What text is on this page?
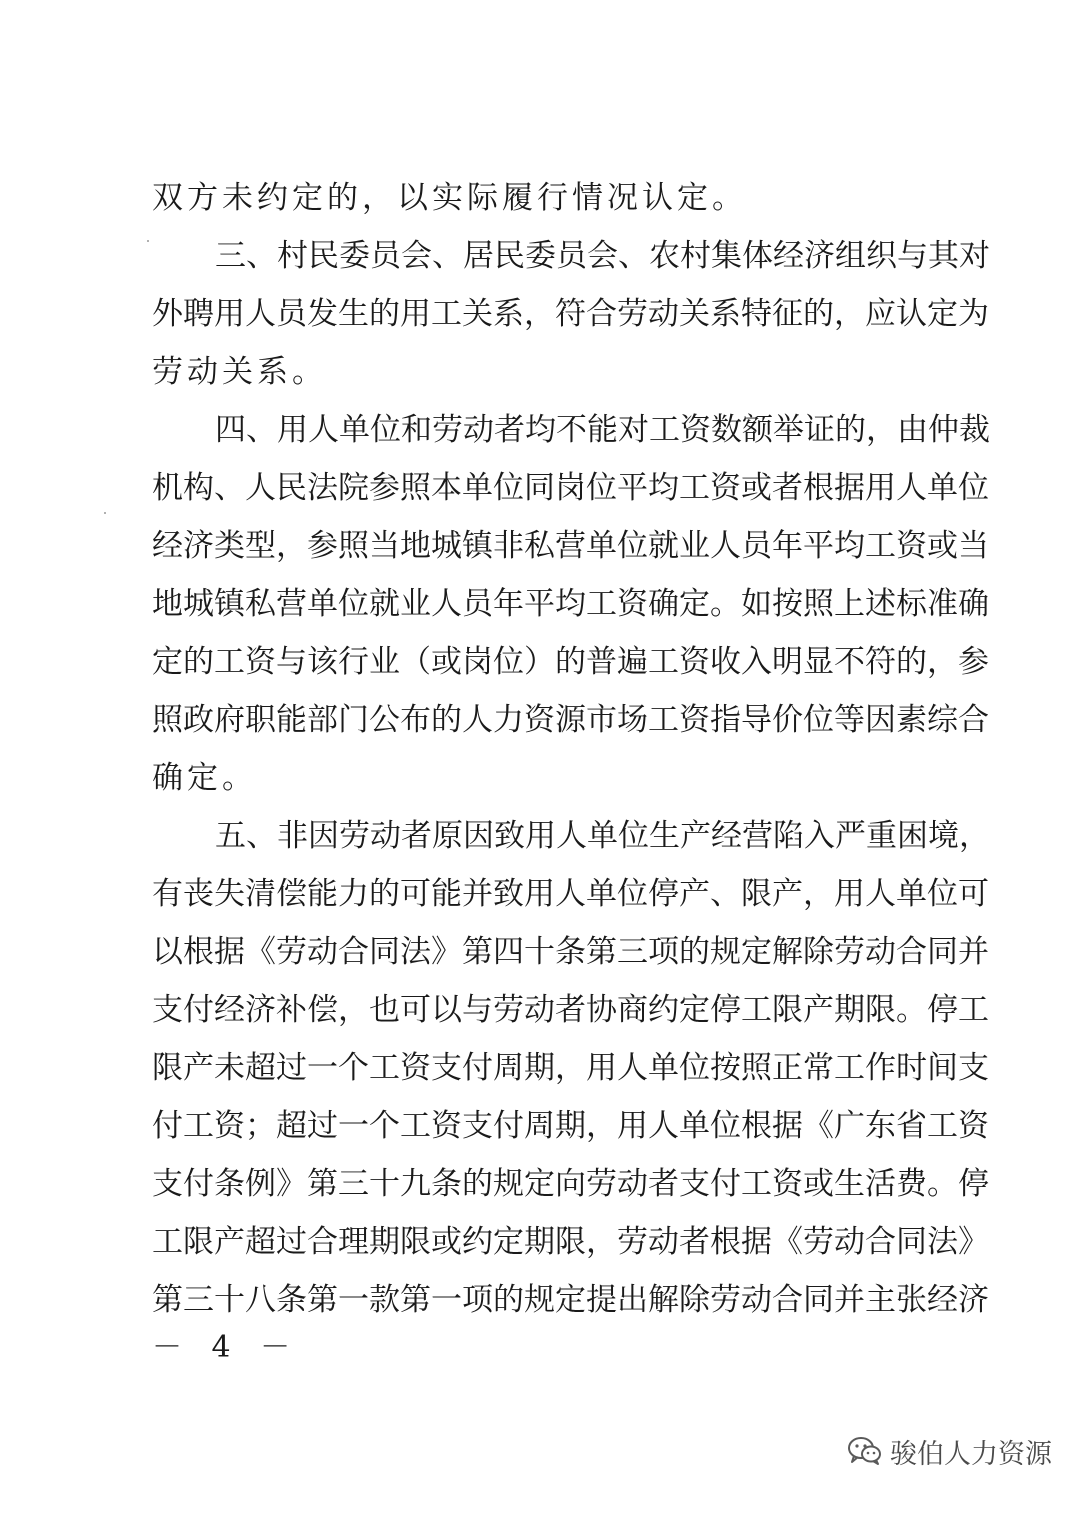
双方未约定的，以实际履行情况认定。
三、村民委员会、居民委员会、农村集体经济组织与其对
外聘用人员发生的用工关系，符合劳动关系特征的，应认定为
劳动关系。
四、用人单位和劳动者均不能对工资数额举证的，由仲裁
机构、人民法院参照本单位同岗位平均工资或者根据用人单位
经济类型，参照当地城镇非私营单位就业人员年平均工资或当
地城镇私营单位就业人员年平均工资确定。如按照上述标准确
定的工资与该行业（或岗位）的普遍工资收入明显不符的，参
照政府职能部门公布的人力资源市场工资指导价位等因素综合
确定。
五、非因劳动者原因致用人单位生产经营陷入严重困境，
有丧失清偿能力的可能并致用人单位停产、限产，用人单位可
以根据《劳动合同法》第四十条第三项的规定解除劳动合同并
支付经济补偿，也可以与劳动者协商约定停工限产期限。停工
限产未超过一个工资支付周期，用人单位按照正常工作时间支
付工资；超过一个工资支付周期，用人单位根据《广东省工资
支付条例》第三十九条的规定向劳动者支付工资或生活费。停
工限产超过合理期限或约定期限，劳动者根据《劳动合同法》
第三十八条第一款第一项的规定提出解除劳动合同并主张经济
－ 4 －
骏伯人力资源
